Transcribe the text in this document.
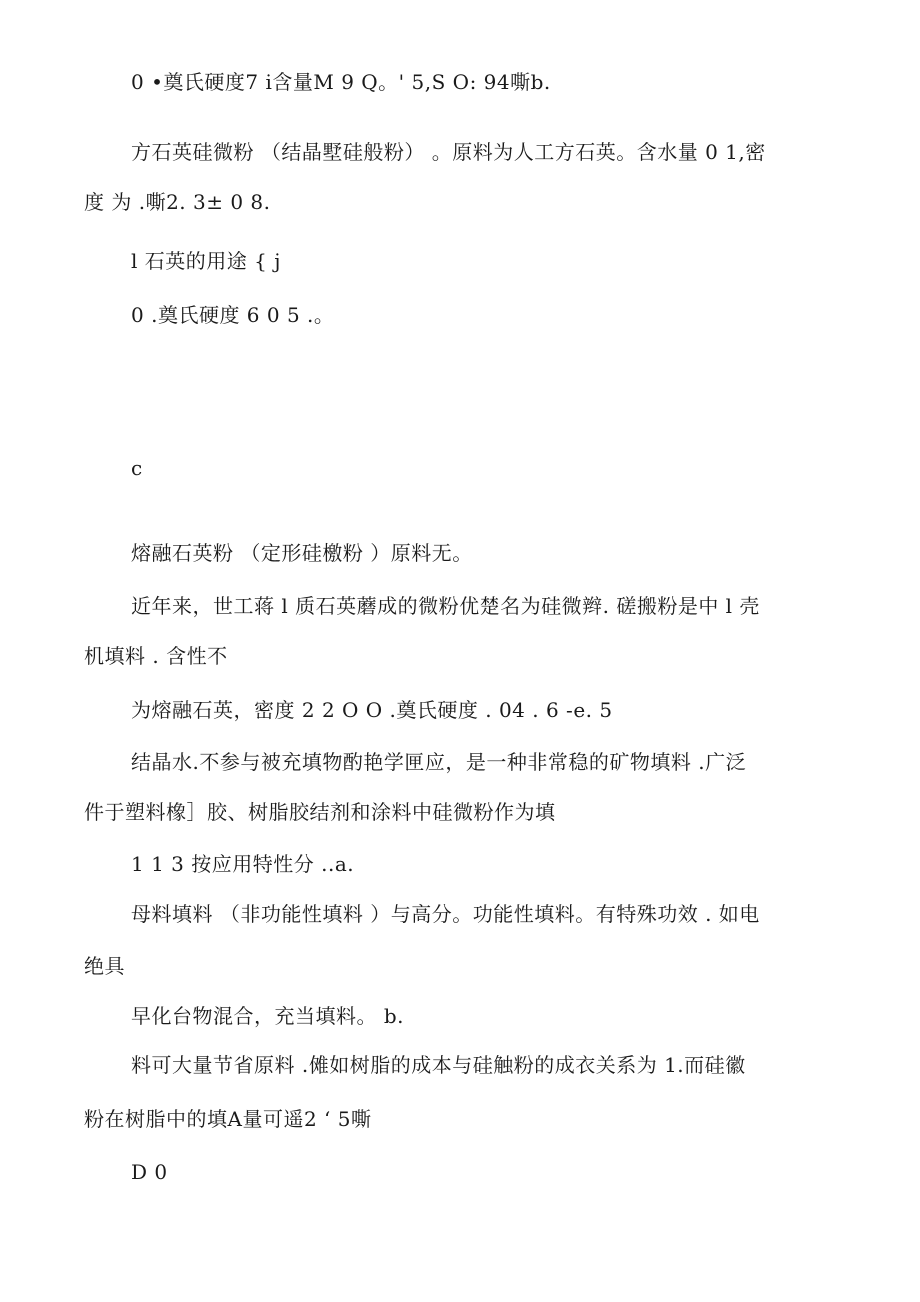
0 •奠氏硬度7 i含量M 9 Q。' 5,S O: 94嘶b.
方石英硅微粉 （结晶墅硅般粉） 。原料为人工方石英。含水量 0 1,密
度 为 .嘶2. 3± 0 8.
l 石英的用途 { j
0 .奠氏硬度 6 0 5 .。
c
熔融石英粉 （定形硅檄粉 ）原料无。
近年来，世工蒋 l 质石英蘑成的微粉优楚名为硅微辫. 磋搬粉是中 l 壳
机填料 . 含性不
为熔融石英，密度 2 2 O O .奠氏硬度 . 04 . 6 -e. 5
结晶水.不参与被充填物酌艳学匣应，是一种非常稳的矿物填料 .广泛
件于塑料橡］胶、树脂胶结剂和涂料中硅微粉作为填
1 1 3 按应用特性分 ..a.
母料填料 （非功能性填料 ）与高分。功能性填料。有特殊功效 . 如电
绝具
早化台物混合，充当填料。 b.
料可大量节省原料 .傩如树脂的成本与硅触粉的成衣关系为 1.而硅徽
粉在树脂中的填A量可遥2 ‘ 5嘶
D 0
